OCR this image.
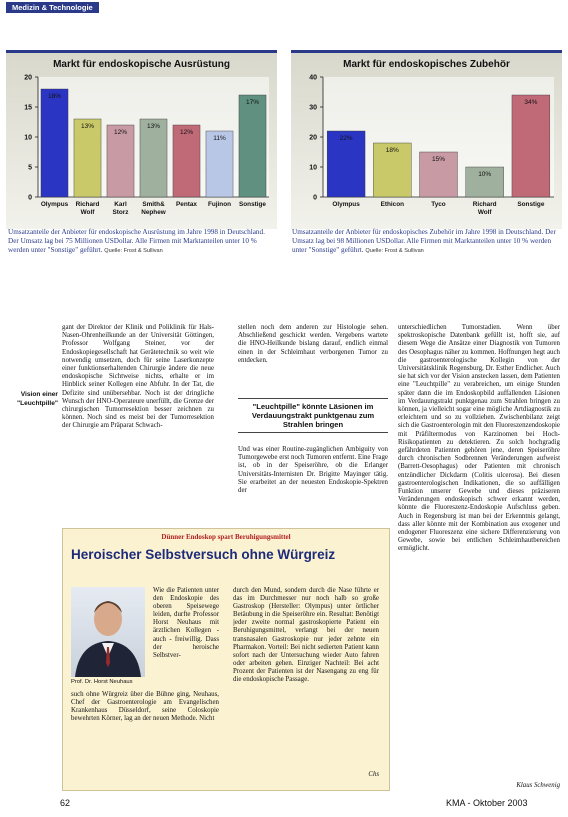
Medizin & Technologie
Markt für endoskopische Ausrüstung
0
5
10
15
20
18%
Olympus
13%
Richard
Wolf
12%
Karl
Storz
13%
Smith&
Nephew
12%
Pentax
11%
Fujinon
17%
Sonstige
Markt für endoskopisches Zubehör
0
10
20
30
40
22%
Olympus
18%
Ethicon
15%
Tyco
10%
Richard
Wolf
34%
Sonstige
Umsatzanteile der Anbieter für endoskopische Ausrüstung im Jahre 1998 in Deutschland. Der Umsatz lag bei 75 Millionen USDollar. Alle Firmen mit Marktanteilen unter 10 % werden unter "Sonstige" geführt. Quelle: Frost & Sullivan
Umsatzanteile der Anbieter für endoskopisches Zubehör im Jahre 1998 in Deutschland. Der Umsatz lag bei 98 Millionen USDollar. Alle Firmen mit Marktanteilen unter 10 % werden unter "Sonstige" geführt. Quelle: Frost & Sullivan
Vision einer "Leuchtpille"

gant der Direktor der Klinik und Poliklinik für Hals-Nasen-Ohrenheilkunde an der Universität Göttingen, Professor Wolfgang Steiner, vor der Endoskopiegesellschaft hat Gerätetechnik so weit wie notwendig umsetzen, doch für seine Laserkonzepte einer funktionserhaltenden Chirurgie ändere die neue endoskopische Sichtweise nichts, erhalte er im Hinblick seiner Kollegen eine Abfuhr. In der Tat, die Defizite sind unübersehbar. Noch ist der dringliche Wunsch der HNO-Operateure unerfüllt, die Grenze der chirurgischen Tumorresektion besser zeichnen zu können. Noch sind es meist bei der Tumorresektion der Chirurgie am Präparat Schwach-

stellen noch dem anderen zur Histologie sehen. Abschließend geschickt werden. Vergebens wartete die HNO-Heilkunde bislang darauf, endlich einmal einen in der Schleimhaut verborgenen Tumor zu entdecken.

"Leuchtpille" könnte Läsionen im Verdauungstrakt punktgenau zum Strahlen bringen

Und was einer Routine-zugänglichen Ambiguity von Tumorgewebe erst noch Tumoren entfernt. Eine Frage ist, ob in der Speiseröhre, ob die Erlanger Universitäts-Internisten Dr. Brigitte Mayinger tätig. Sie erarbeitet an der neuesten Endoskopie-Spektren der

unterschiedlichen Tumorstadien. Wenn über spektroskopische Datenbank gefüllt ist, hofft sie, auf diesem Wege die Ansätze einer Diagnostik von Tumoren des Oesophagus näher zu kommen. Hoffnungen hegt auch die gastroenterologische Kollegin von der Universitätsklinik Regensburg, Dr. Esther Endlicher. Auch sie hat sich vor der Vision anstecken lassen, dem Patienten eine "Leuchtpille" zu verabreichen, um einige Stunden später dann die im Endoskopbild auffallenden Läsionen im Verdauungstrakt punktgenau zum Strahlen bringen zu können, ja vielleicht sogar eine mögliche Artdiagnostik zu erleichtern und so zu vollziehen. Zwischenbilanz zeigt sich die Gastroenterologin mit den Fluoreszenzendoskopie mit Präfiltermodus von Karzinomen bei Hoch-Risikopatienten zu detektieren. Zu solch hochgradig gefährdeten Patienten gehören jene, deren Speiseröhre durch chronischen Sodbrennen Veränderungen aufweist (Barrett-Oesophagus) oder Patienten mit chronisch entzündlicher Dickdarm (Colitis ulcerosa). Bei diesen gastroenterologischen Indikationen, die so auffälligen Funktion unserer Gewebe und dieses präziseren Veränderungen endoskopisch schwer erkannt werden, könnte die Fluoreszenz-Endoskopie Aufschluss geben. Auch in Regensburg ist man bei der Erkenntnis gelangt, dass aller könnte mit der Kombination aus exogener und endogener Fluoreszenz eine sichere Differenzierung von Gewebe, sowie bei entlichen Schleimhautbereichen ermöglicht.

Klaus Schwenig
Dünner Endoskop spart Beruhigungsmittel
Heroischer Selbstversuch ohne Würgreiz
Prof. Dr. Horst Neuhaus

Wie die Patienten unter den Endoskopie des oberen Speisewege leiden, durfte Professor Horst Neuhaus mit ärztlichen Kollegen - auch - freiwillig. Dass der heroische Selbstver-

such ohne Würgreiz über die Bühne ging, Neuhaus, Chef der Gastroenterologie am Evangelischen Krankenhaus Düsseldorf, seine Coloskopie bewehrten Körner, lag an der neuen Methode. Nicht

durch den Mund, sondern durch die Nase führte er das im Durchmesser nur noch halb so große Gastroskop (Hersteller: Olympus) unter örtlicher Betäubung in die Speiseröhre ein. Resultat: Benötigt jeder zweite normal gastroskopierte Patient ein Beruhigungsmittel, verlangt bei der neuen transnasalen Gastroskopie nur jeder zehnte ein Pharmakon. Vorteil: Bei nicht sedierten Patient kann sofort nach der Untersuchung wieder Auto fahren oder arbeiten gehen. Einziger Nachteil: Bei acht Prozent der Patienten ist der Nasengang zu eng für die endoskopische Passage.

Chs
62	KMA - Oktober 2003
